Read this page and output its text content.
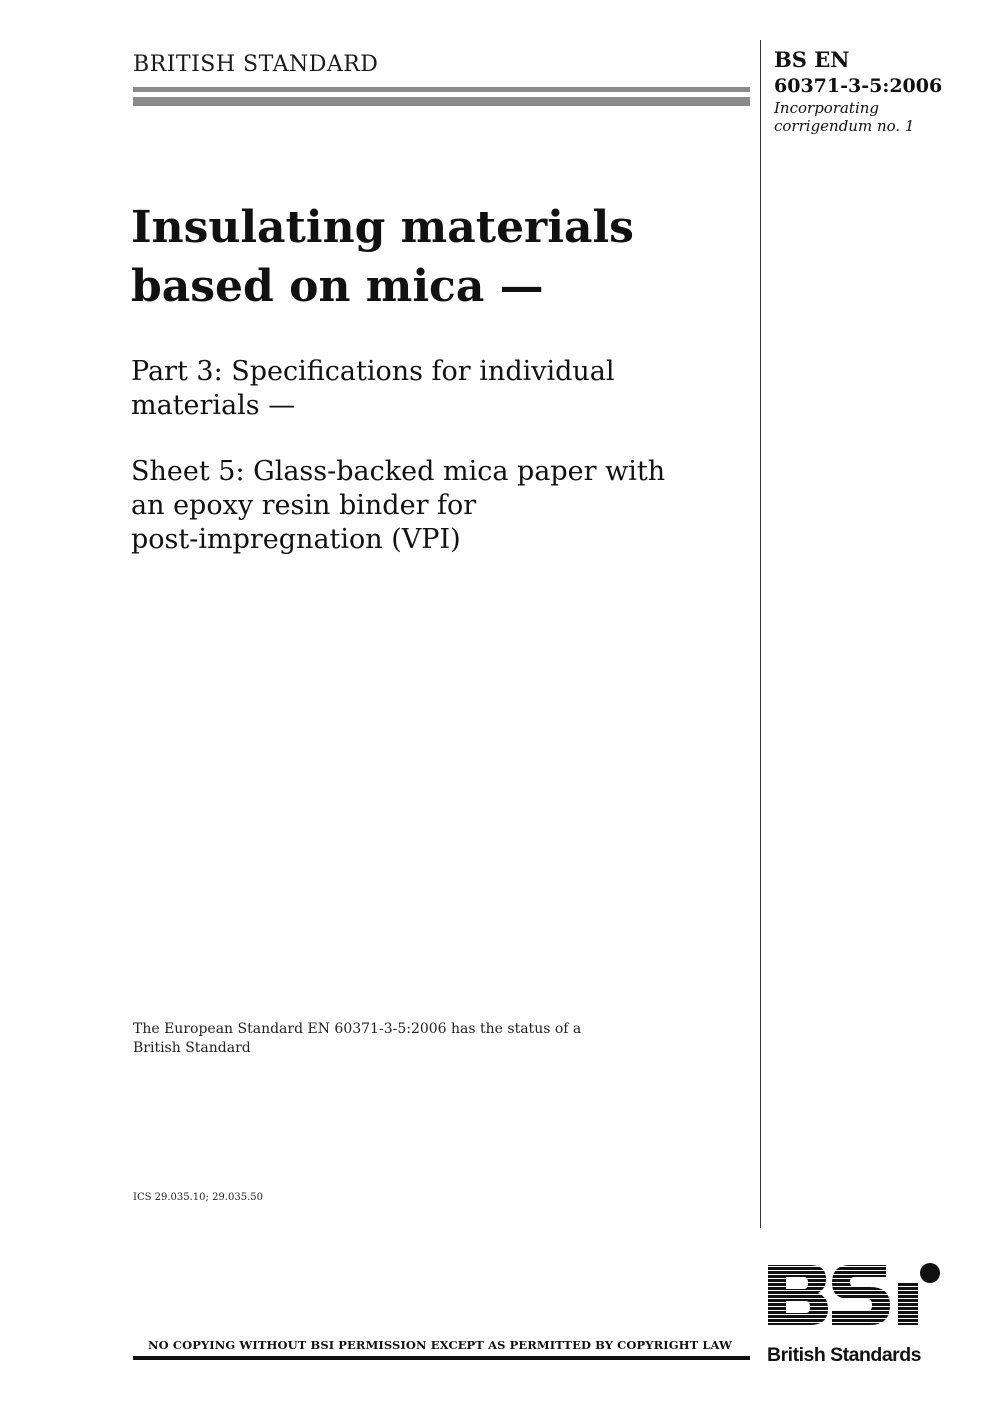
BRITISH STANDARD	BS EN
60371-3-5:2006
Incorporating
corrigendum no. 1
Insulating materials
based on mica —
Part 3: Specifications for individual
materials —
Sheet 5: Glass-backed mica paper with
an epoxy resin binder for
post-impregnation (VPI)
The European Standard EN 60371-3-5:2006 has the status of a
British Standard
ICS 29.035.10; 29.035.50
NO COPYING WITHOUT BSI PERMISSION EXCEPT AS PERMITTED BY COPYRIGHT LAW British Standards
